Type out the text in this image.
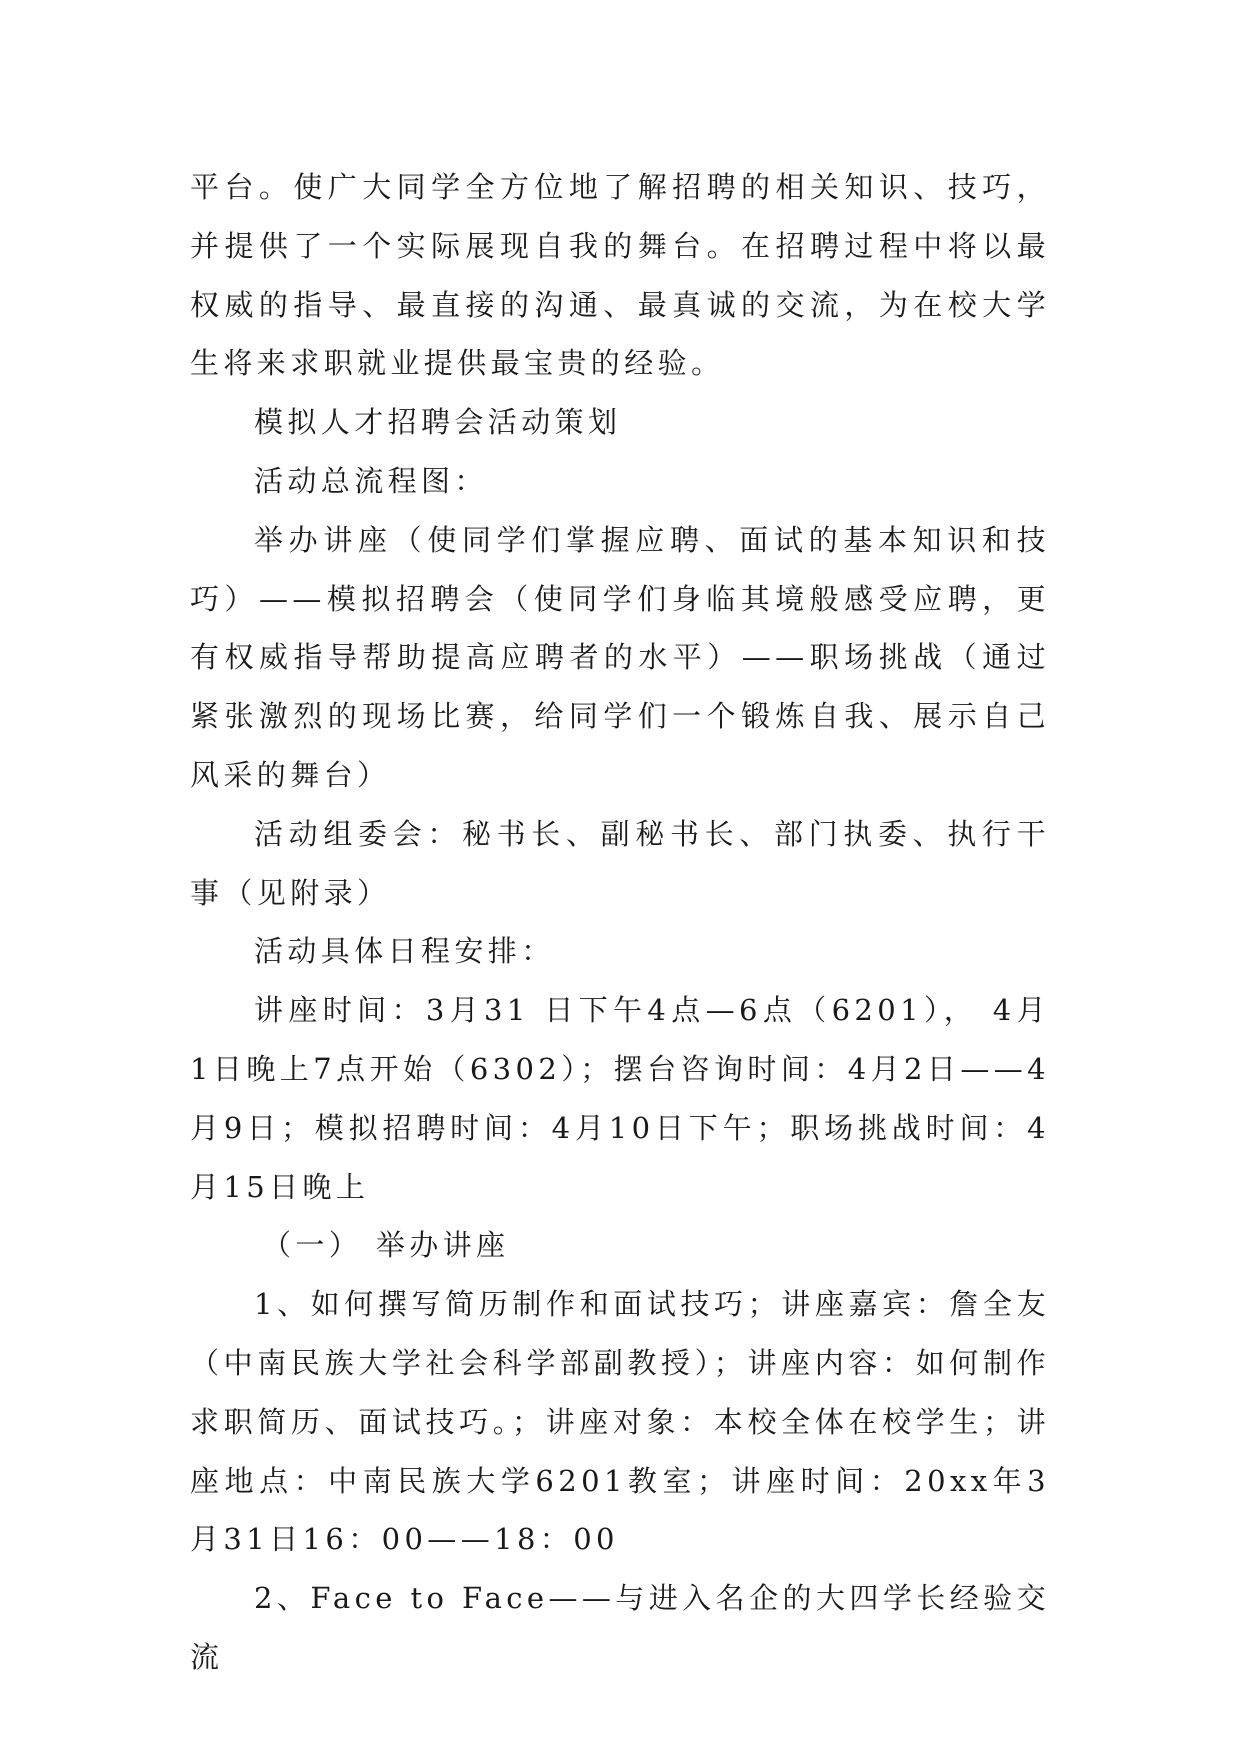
平台。使广大同学全方位地了解招聘的相关知识、技巧，并提供了一个实际展现自我的舞台。在招聘过程中将以最权威的指导、最直接的沟通、最真诚的交流，为在校大学生将来求职就业提供最宝贵的经验。

模拟人才招聘会活动策划

活动总流程图：

举办讲座（使同学们掌握应聘、面试的基本知识和技巧）——模拟招聘会（使同学们身临其境般感受应聘，更有权威指导帮助提高应聘者的水平）——职场挑战（通过紧张激烈的现场比赛，给同学们一个锻炼自我、展示自己风采的舞台）

活动组委会：秘书长、副秘书长、部门执委、执行干事（见附录）

活动具体日程安排：

讲座时间：3月31 日下午4点—6点（6201）， 4月1日晚上7点开始（6302）；摆台咨询时间：4月2日——4月9日；模拟招聘时间：4月10日下午；职场挑战时间：4月15日晚上

（一） 举办讲座

1、如何撰写简历制作和面试技巧；讲座嘉宾：詹全友（中南民族大学社会科学部副教授）；讲座内容：如何制作求职简历、面试技巧。；讲座对象：本校全体在校学生；讲座地点：中南民族大学6201教室；讲座时间：20xx年3月31日16：00——18：00

2、Face to Face——与进入名企的大四学长经验交流
